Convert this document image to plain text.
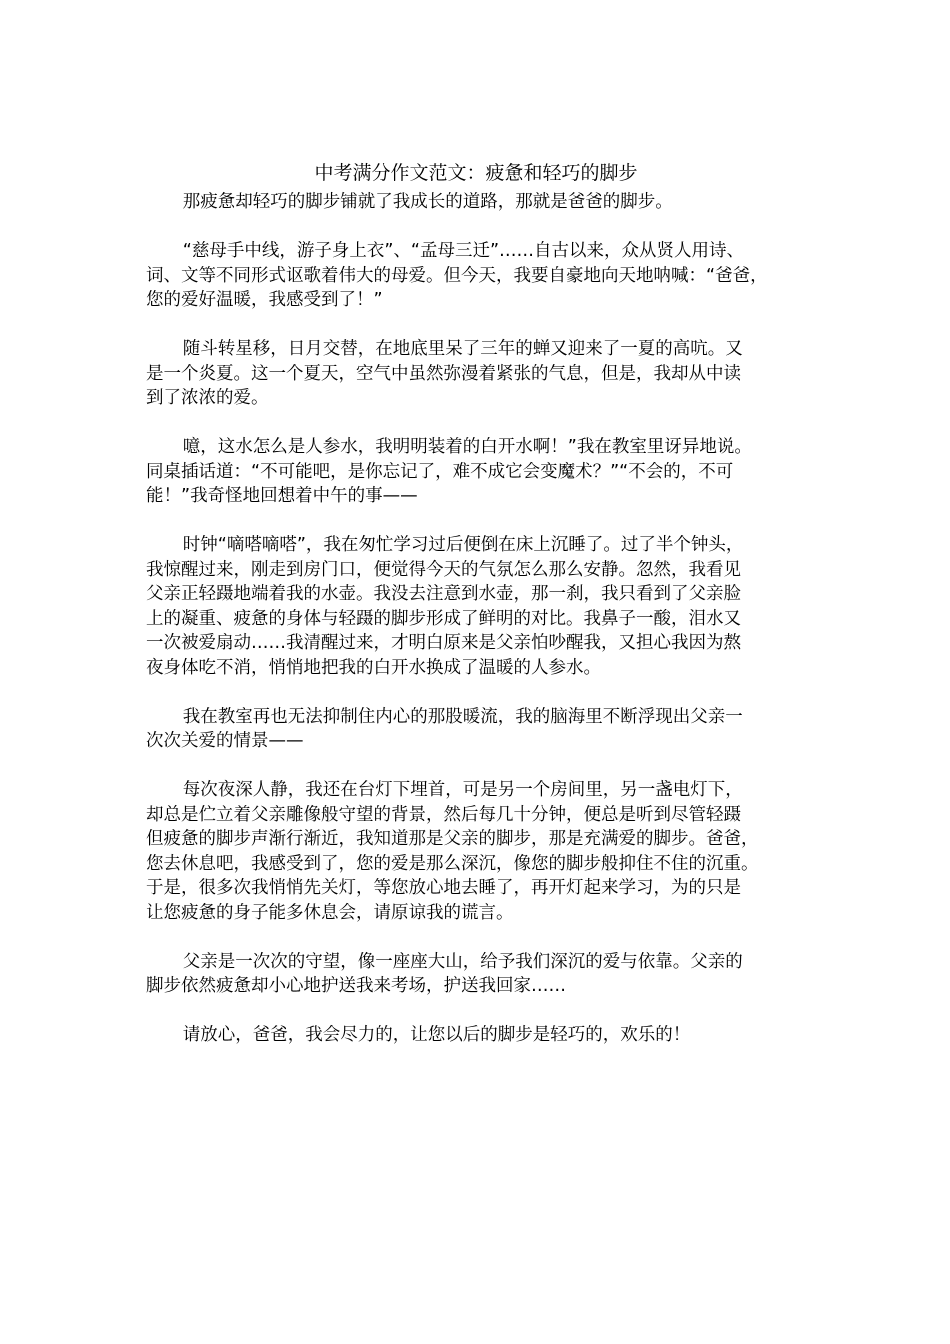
中考满分作文范文：疲惫和轻巧的脚步

那疲惫却轻巧的脚步铺就了我成长的道路，那就是爸爸的脚步。

“慈母手中线，游子身上衣”、“孟母三迁”……自古以来，众从贤人用诗、
词、文等不同形式讴歌着伟大的母爱。但今天，我要自豪地向天地呐喊：“爸爸，
您的爱好温暖，我感受到了！”

随斗转星移，日月交替，在地底里呆了三年的蝉又迎来了一夏的高吭。又
是一个炎夏。这一个夏天，空气中虽然弥漫着紧张的气息，但是，我却从中读
到了浓浓的爱。

噫，这水怎么是人参水，我明明装着的白开水啊！”我在教室里讶异地说。
同桌插话道：“不可能吧，是你忘记了，难不成它会变魔术？”“不会的，不可
能！”我奇怪地回想着中午的事——

时钟“嘀嗒嘀嗒”，我在匆忙学习过后便倒在床上沉睡了。过了半个钟头，
我惊醒过来，刚走到房门口，便觉得今天的气氛怎么那么安静。忽然，我看见
父亲正轻蹑地端着我的水壶。我没去注意到水壶，那一刹，我只看到了父亲脸
上的凝重、疲惫的身体与轻蹑的脚步形成了鲜明的对比。我鼻子一酸，泪水又
一次被爱扇动……我清醒过来，才明白原来是父亲怕吵醒我，又担心我因为熬
夜身体吃不消，悄悄地把我的白开水换成了温暖的人参水。

我在教室再也无法抑制住内心的那股暖流，我的脑海里不断浮现出父亲一
次次关爱的情景——

每次夜深人静，我还在台灯下埋首，可是另一个房间里，另一盏电灯下，
却总是伫立着父亲雕像般守望的背景，然后每几十分钟，便总是听到尽管轻蹑
但疲惫的脚步声渐行渐近，我知道那是父亲的脚步，那是充满爱的脚步。爸爸，
您去休息吧，我感受到了，您的爱是那么深沉，像您的脚步般抑住不住的沉重。
于是，很多次我悄悄先关灯，等您放心地去睡了，再开灯起来学习，为的只是
让您疲惫的身子能多休息会，请原谅我的谎言。

父亲是一次次的守望，像一座座大山，给予我们深沉的爱与依靠。父亲的
脚步依然疲惫却小心地护送我来考场，护送我回家……

请放心，爸爸，我会尽力的，让您以后的脚步是轻巧的，欢乐的！
